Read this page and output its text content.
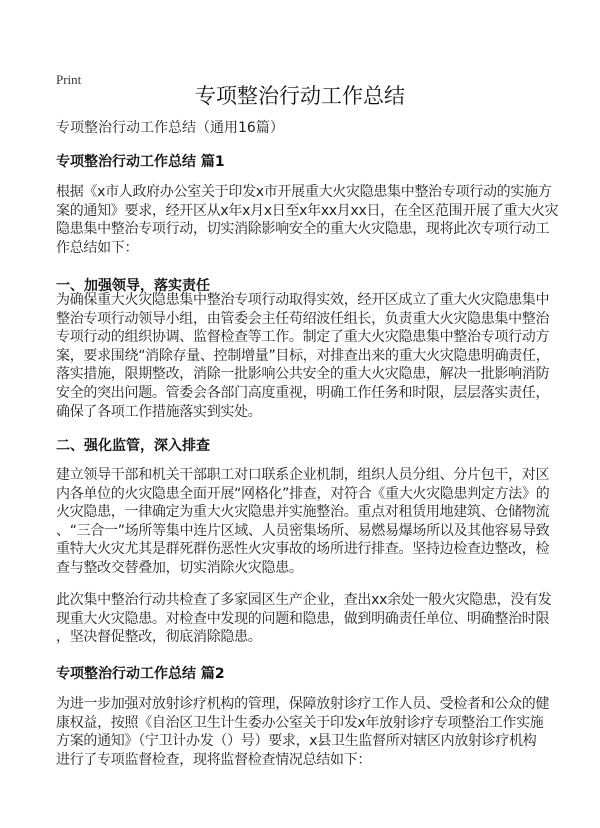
Print
专项整治行动工作总结
专项整治行动工作总结（通用16篇）
专项整治行动工作总结 篇1
根据《x市人政府办公室关于印发x市开展重大火灾隐患集中整治专项行动的实施方
案的通知》要求，经开区从x年x月x日至x年xx月xx日，在全区范围开展了重大火灾
隐患集中整治专项行动，切实消除影响安全的重大火灾隐患，现将此次专项行动工
作总结如下：
一、加强领导，落实责任
为确保重大火灾隐患集中整治专项行动取得实效，经开区成立了重大火灾隐患集中
整治专项行动领导小组，由管委会主任苟绍波任组长，负责重大火灾隐患集中整治
专项行动的组织协调、监督检查等工作。制定了重大火灾隐患集中整治专项行动方
案，要求围绕“消除存量、控制增量”目标，对排查出来的重大火灾隐患明确责任，
落实措施，限期整改，消除一批影响公共安全的重大火灾隐患，解决一批影响消防
安全的突出问题。管委会各部门高度重视，明确工作任务和时限，层层落实责任，
确保了各项工作措施落实到实处。
二、强化监管，深入排查
建立领导干部和机关干部职工对口联系企业机制，组织人员分组、分片包干，对区
内各单位的火灾隐患全面开展“网格化”排查，对符合《重大火灾隐患判定方法》的
火灾隐患，一律确定为重大火灾隐患并实施整治。重点对租赁用地建筑、仓储物流
、“三合一”场所等集中连片区域、人员密集场所、易燃易爆场所以及其他容易导致
重特大火灾尤其是群死群伤恶性火灾事故的场所进行排查。坚持边检查边整改，检
查与整改交替叠加，切实消除火灾隐患。
此次集中整治行动共检查了多家园区生产企业，查出xx余处一般火灾隐患，没有发
现重大火灾隐患。对检查中发现的问题和隐患，做到明确责任单位、明确整治时限
，坚决督促整改，彻底消除隐患。
专项整治行动工作总结 篇2
为进一步加强对放射诊疗机构的管理，保障放射诊疗工作人员、受检者和公众的健
康权益，按照《自治区卫生计生委办公室关于印发x年放射诊疗专项整治工作实施
方案的通知》（宁卫计办发（）号）要求，x县卫生监督所对辖区内放射诊疗机构
进行了专项监督检查，现将监督检查情况总结如下：
